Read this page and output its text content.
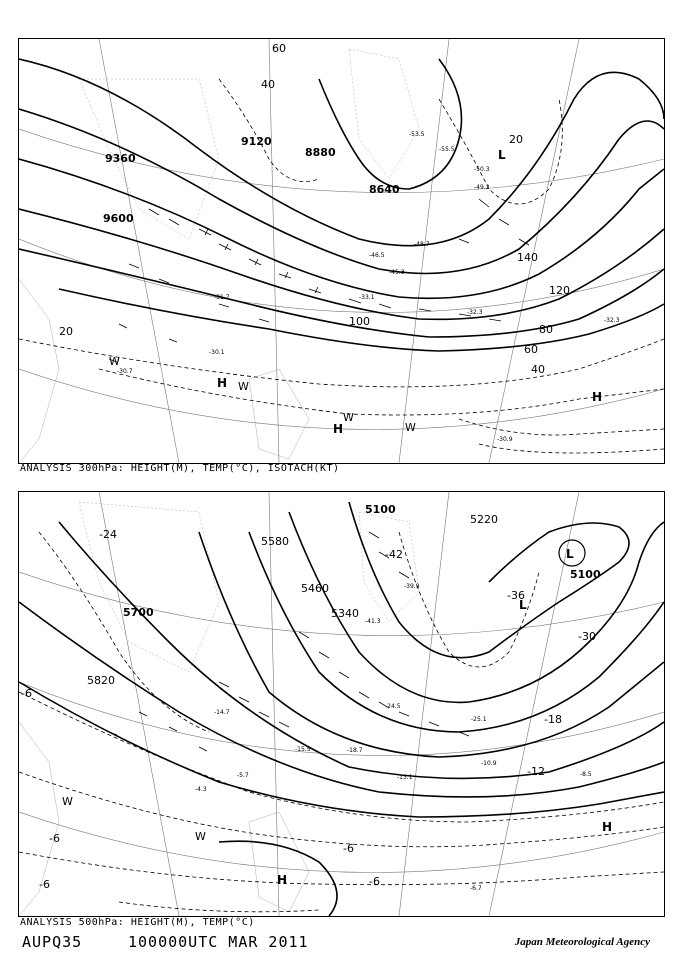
9360
9600
8880
8640
9120
20
40
60
80
100
120
140
20
40
60
-53.5
-55.5
-50.3
-49.2
-48.7
-46.5
-45.3
-32.3
-31.7
-32.3
-30.1
-30.7
-30.9
-33.1
H
H
H
L
W
W
W
W
ANALYSIS 300hPa: HEIGHT(M), TEMP(°C), ISOTACH(KT)
5100
5220
5100
5340
5460
5580
5700
5820
-24
-42
-36
-30
-18
-12
-6
-6
-6
-6
-6
-39.9
-41.3
-24.5
-25.1
-13.1
-15.5
-14.7
-18.7
-10.9
-8.5
-4.3
-5.7
-6.7
L
L
H
H
W
W
ANALYSIS 500hPa: HEIGHT(M), TEMP(°C)
AUPQ35	100000UTC MAR 2011	Japan Meteorological Agency
